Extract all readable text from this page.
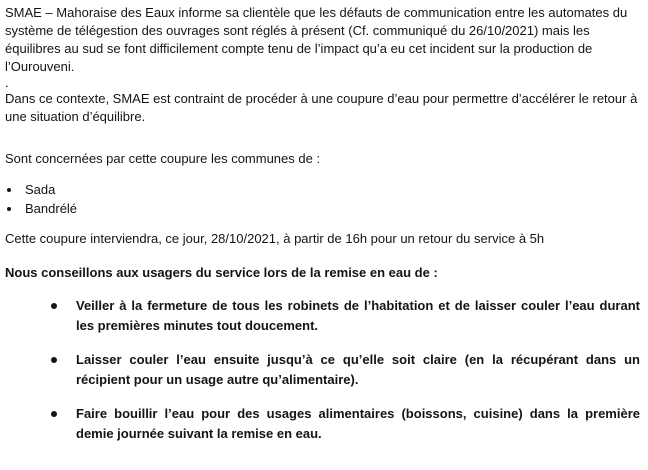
SMAE – Mahoraise des Eaux informe sa clientèle que les défauts de communication entre les automates du système de télégestion des ouvrages sont réglés à présent (Cf. communiqué du 26/10/2021) mais les équilibres au sud se font difficilement compte tenu de l’impact qu’a eu cet incident sur la production de l’Ourouveni.

.

Dans ce contexte, SMAE est contraint de procéder à une coupure d’eau pour permettre d’accélérer le retour à une situation d’équilibre.

Sont concernées par cette coupure les communes de :

Sada
Bandrélé

Cette coupure interviendra, ce jour, 28/10/2021, à partir de 16h pour un retour du service à 5h

Nous conseillons aux usagers du service lors de la remise en eau de :

Veiller à la fermeture de tous les robinets de l’habitation et de laisser couler l’eau durant les premières minutes tout doucement.
Laisser couler l’eau ensuite jusqu’à ce qu’elle soit claire (en la récupérant dans un récipient pour un usage autre qu’alimentaire).
Faire bouillir l’eau pour des usages alimentaires (boissons, cuisine) dans la première demie journée suivant la remise en eau.
